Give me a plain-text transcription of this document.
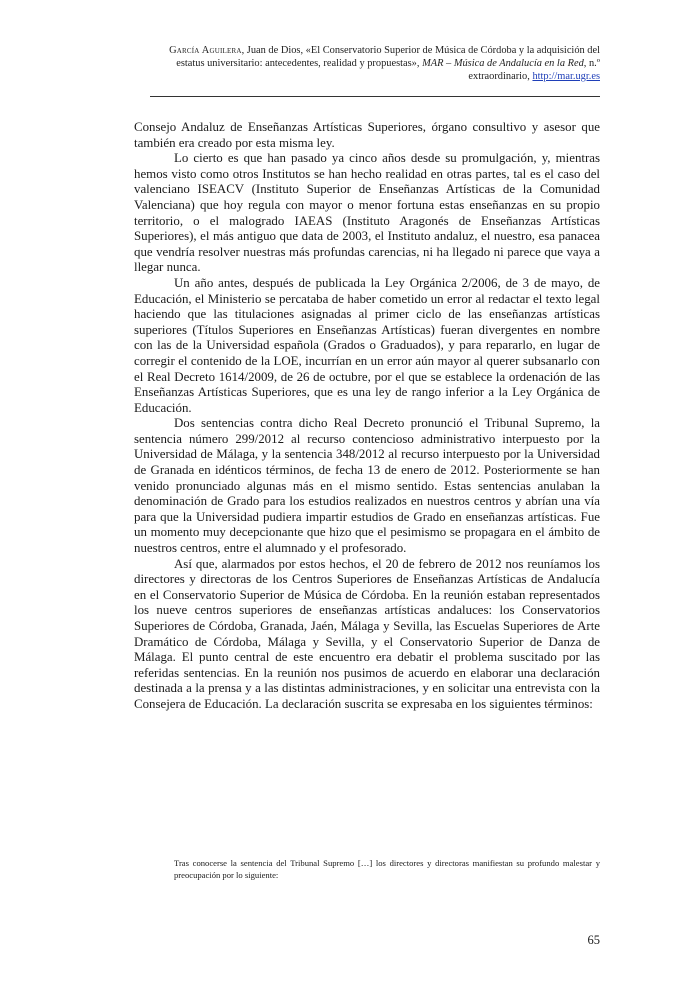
García Aguilera, Juan de Dios, «El Conservatorio Superior de Música de Córdoba y la adquisición del estatus universitario: antecedentes, realidad y propuestas», MAR – Música de Andalucía en la Red, n.º extraordinario, http://mar.ugr.es

Consejo Andaluz de Enseñanzas Artísticas Superiores, órgano consultivo y asesor que también era creado por esta misma ley.

Lo cierto es que han pasado ya cinco años desde su promulgación, y, mientras hemos visto como otros Institutos se han hecho realidad en otras partes, tal es el caso del valenciano ISEACV (Instituto Superior de Enseñanzas Artísticas de la Comunidad Valenciana) que hoy regula con mayor o menor fortuna estas enseñanzas en su propio territorio, o el malogrado IAEAS (Instituto Aragonés de Enseñanzas Artísticas Superiores), el más antiguo que data de 2003, el Instituto andaluz, el nuestro, esa panacea que vendría resolver nuestras más profundas carencias, ni ha llegado ni parece que vaya a llegar nunca.

Un año antes, después de publicada la Ley Orgánica 2/2006, de 3 de mayo, de Educación, el Ministerio se percataba de haber cometido un error al redactar el texto legal haciendo que las titulaciones asignadas al primer ciclo de las enseñanzas artísticas superiores (Títulos Superiores en Enseñanzas Artísticas) fueran divergentes en nombre con las de la Universidad española (Grados o Graduados), y para repararlo, en lugar de corregir el contenido de la LOE, incurrían en un error aún mayor al querer subsanarlo con el Real Decreto 1614/2009, de 26 de octubre, por el que se establece la ordenación de las Enseñanzas Artísticas Superiores, que es una ley de rango inferior a la Ley Orgánica de Educación.

Dos sentencias contra dicho Real Decreto pronunció el Tribunal Supremo, la sentencia número 299/2012 al recurso contencioso administrativo interpuesto por la Universidad de Málaga, y la sentencia 348/2012 al recurso interpuesto por la Universidad de Granada en idénticos términos, de fecha 13 de enero de 2012. Posteriormente se han venido pronunciado algunas más en el mismo sentido. Estas sentencias anulaban la denominación de Grado para los estudios realizados en nuestros centros y abrían una vía para que la Universidad pudiera impartir estudios de Grado en enseñanzas artísticas. Fue un momento muy decepcionante que hizo que el pesimismo se propagara en el ámbito de nuestros centros, entre el alumnado y el profesorado.

Así que, alarmados por estos hechos, el 20 de febrero de 2012 nos reuníamos los directores y directoras de los Centros Superiores de Enseñanzas Artísticas de Andalucía en el Conservatorio Superior de Música de Córdoba. En la reunión estaban representados los nueve centros superiores de enseñanzas artísticas andaluces: los Conservatorios Superiores de Córdoba, Granada, Jaén, Málaga y Sevilla, las Escuelas Superiores de Arte Dramático de Córdoba, Málaga y Sevilla, y el Conservatorio Superior de Danza de Málaga. El punto central de este encuentro era debatir el problema suscitado por las referidas sentencias. En la reunión nos pusimos de acuerdo en elaborar una declaración destinada a la prensa y a las distintas administraciones, y en solicitar una entrevista con la Consejera de Educación. La declaración suscrita se expresaba en los siguientes términos:

Tras conocerse la sentencia del Tribunal Supremo […] los directores y directoras manifiestan su profundo malestar y preocupación por lo siguiente:

65
